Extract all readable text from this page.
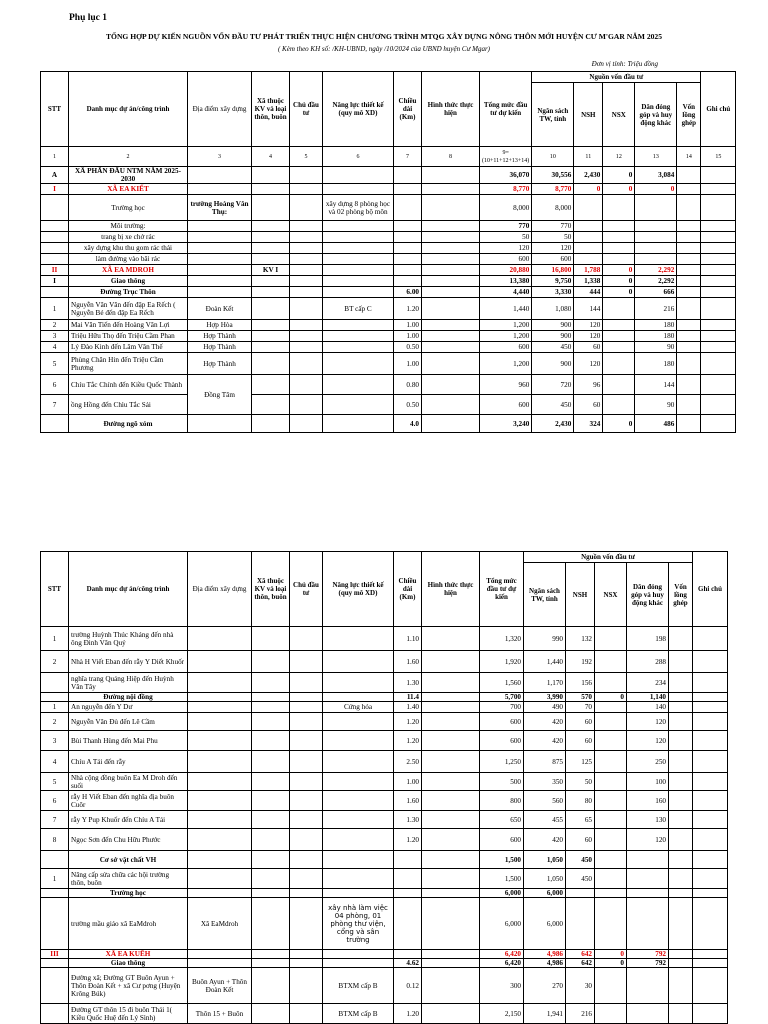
Phụ lục 1
TỔNG HỢP DỰ KIẾN NGUỒN VỐN ĐẦU TƯ PHÁT TRIỂN THỰC HIỆN CHƯƠNG TRÌNH MTQG XÂY DỰNG NÔNG THÔN MỚI HUYỆN CƯ M'GAR NĂM 2025
( Kèm theo KH số: /KH-UBND, ngày /10/2024 của UBND huyện Cư Mgar)
Đơn vị tính: Triệu đồng
STT	Danh mục dự án/công trình	Địa điểm xây dựng	Xã thuộc KV và loại thôn, buôn	Chủ đầu tư	Năng lực thiết kế (quy mô XD)	Chiều dài (Km)	Hình thức thực hiện	Tổng mức đầu tư dự kiến	Nguồn vốn đầu tư					Ghi chú
									Ngân sách TW, tỉnh	NSH	NSX	Dân đóng góp và huy động khác	Vốn lồng ghép	
1	2	3	4	5	6	7	8	9=(10+11+12+13+14)	10	11	12	13	14	15
A	XÃ PHẤN ĐẤU NTM NĂM 2025- 2030							36,070	30,556	2,430	0	3,084		
I	XÃ EA KIẾT							8,770	8,770	0	0	0		
	Trường học	trường Hoàng Văn Thụ:			xây dựng 8 phòng học và 02 phòng bộ môn			8,000	8,000					
	Môi trường:							770	770					
	trang bị xe chở rác							50	50					
	xây dựng khu thu gom rác thải							120	120					
	làm đường vào bãi rác							600	600					
II	XÃ EA MDROH		KV I					20,880	16,800	1,788	0	2,292		
I	Giao thông							13,380	9,750	1,338	0	2,292		
	Đường Trục Thôn					6.00		4,440	3,330	444	0	666		
1	Nguyễn Văn Văn đến đập Ea Rếch ( Nguyễn Bé đến đập Ea Rếch	Đoàn Kết			BT cấp C	1.20		1,440	1,080	144		216		
2	Mai Văn Tiến đến Hoàng Văn Lợi	Hợp Hòa				1.00		1,200	900	120		180		
3	Triệu Hữu Thọ đến Triệu Cầm Phan	Hợp Thành				1.00		1,200	900	120		180		
4	Lý Đào Kinh đến Lâm Văn Thế	Hợp Thành				0.50		600	450	60		90		
5	Phùng Chăn Hin đến Triệu Cầm Phương	Hợp Thành				1.00		1,200	900	120		180		
6	Chíu Tắc Chính đến Kiều Quốc Thành	Đồng Tâm				0.80		960	720	96		144		
7	ồng Hồng đến Chìu Tắc Sải					0.50		600	450	60		90		
	Đường ngõ xóm					4.0		3,240	2,430	324	0	486		
STT	Danh mục dự án/công trình	Địa điểm xây dựng	Xã thuộc KV và loại thôn, buôn	Chủ đầu tư	Năng lực thiết kế (quy mô XD)	Chiều dài (Km)	Hình thức thực hiện	Tổng mức đầu tư dự kiến	Nguồn vốn đầu tư					Ghi chú
									Ngân sách TW, tỉnh	NSH	NSX	Dân đóng góp và huy động khác	Vốn lồng ghép	
1	trường Huỳnh Thúc Kháng đến nhà ông Đinh Văn Quý					1.10		1,320	990	132		198		
2	Nhà H Viết Eban đến rẫy Y Diết Khuốr					1.60		1,920	1,440	192		288		
	nghĩa trang Quảng Hiệp đến Huỳnh Văn Tây					1.30		1,560	1,170	156		234		
	Đường nội đồng					11.4		5,700	3,990	570	0	1,140		
1	An nguyễn đến Y Dư				Cứng hóa	1.40		700	490	70		140		
2	Nguyễn Văn Đủ đến Lê Cầm					1.20		600	420	60		120		
3	Bùi Thanh Hùng đến Mai Phu					1.20		600	420	60		120		
4	Chíu A Tải đến rẫy					2.50		1,250	875	125		250		
5	Nhà cộng đồng buôn Ea M Droh đến suối					1.00		500	350	50		100		
6	rẫy H Viết Eban đến nghĩa địa buôn Cuôr					1.60		800	560	80		160		
7	rẫy Y Pup Khuốr đến Chíu A Tải					1.30		650	455	65		130		
8	Ngọc Sơn đến Chu Hữu Phước					1.20		600	420	60		120		
	Cơ sở vật chất VH							1,500	1,050	450				
1	Nâng cấp sửa chữa các hội trường thôn, buôn							1,500	1,050	450				
	Trường học							6,000	6,000					
	trường mầu giáo xã EaMdroh	Xã EaMdroh			xây nhà làm việc 04 phòng, 01 phòng thư viện, cổng và sân trường			6,000	6,000					
III	XÃ EA KUẾH							6,420	4,986	642	0	792		
	Giao thông					4.62		6,420	4,986	642	0	792		
	Đường xã; Đường GT Buôn Ayun + Thôn Đoàn Kết + xã Cư pơng (Huyện Krông Búk)	Buôn Ayun + Thôn Đoàn Kết			BTXM cấp B	0.12		300	270	30				
	Đường GT thôn 15 đi buôn Thái 1( Kiều Quốc Huệ đến Lý Sình)	Thôn 15 + Buôn			BTXM cấp B	1.20		2,150	1,941	216				
